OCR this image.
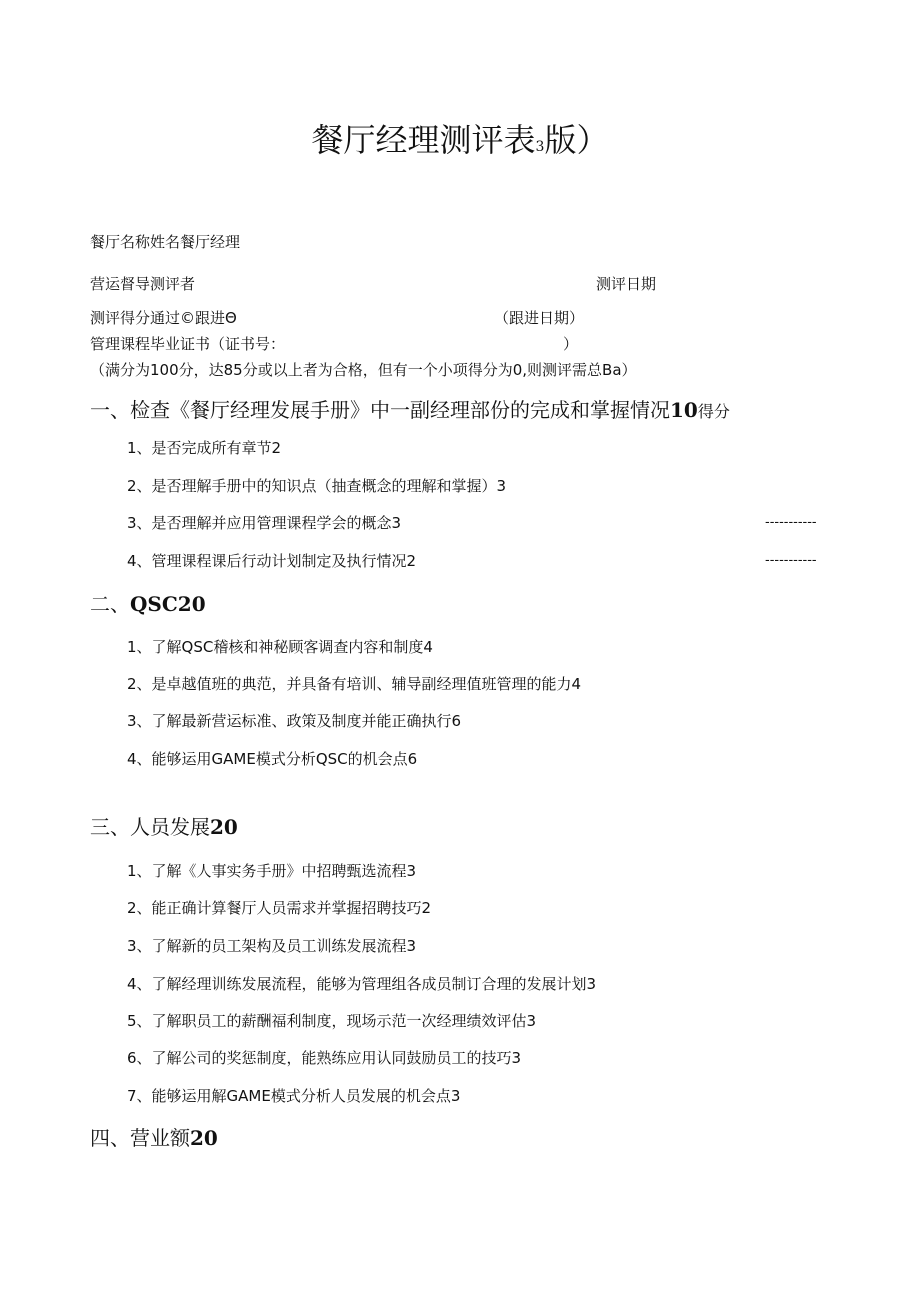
餐厅经理测评表3版）
餐厅名称姓名餐厅经理
营运督导测评者	测评日期
测评得分通过©跟进Θ	（跟进日期）
管理课程毕业证书（证书号：	）
（满分为100分，达85分或以上者为合格，但有一个小项得分为0,则测评需总Ba）
一、检查《餐厅经理发展手册》中一副经理部份的完成和掌握情况10得分
1、是否完成所有章节2
2、是否理解手册中的知识点（抽查概念的理解和掌握）3
3、是否理解并应用管理课程学会的概念3	-----------
4、管理课程课后行动计划制定及执行情况2	-----------
二、QSC20
1、了解QSC稽核和神秘顾客调查内容和制度4
2、是卓越值班的典范，并具备有培训、辅导副经理值班管理的能力4
3、了解最新营运标准、政策及制度并能正确执行6
4、能够运用GAME模式分析QSC的机会点6
三、人员发展20
1、了解《人事实务手册》中招聘甄选流程3
2、能正确计算餐厅人员需求并掌握招聘技巧2
3、了解新的员工架构及员工训练发展流程3
4、了解经理训练发展流程，能够为管理组各成员制订合理的发展计划3
5、了解职员工的薪酬福利制度，现场示范一次经理绩效评估3
6、了解公司的奖惩制度，能熟练应用认同鼓励员工的技巧3
7、能够运用解GAME模式分析人员发展的机会点3
四、营业额20
